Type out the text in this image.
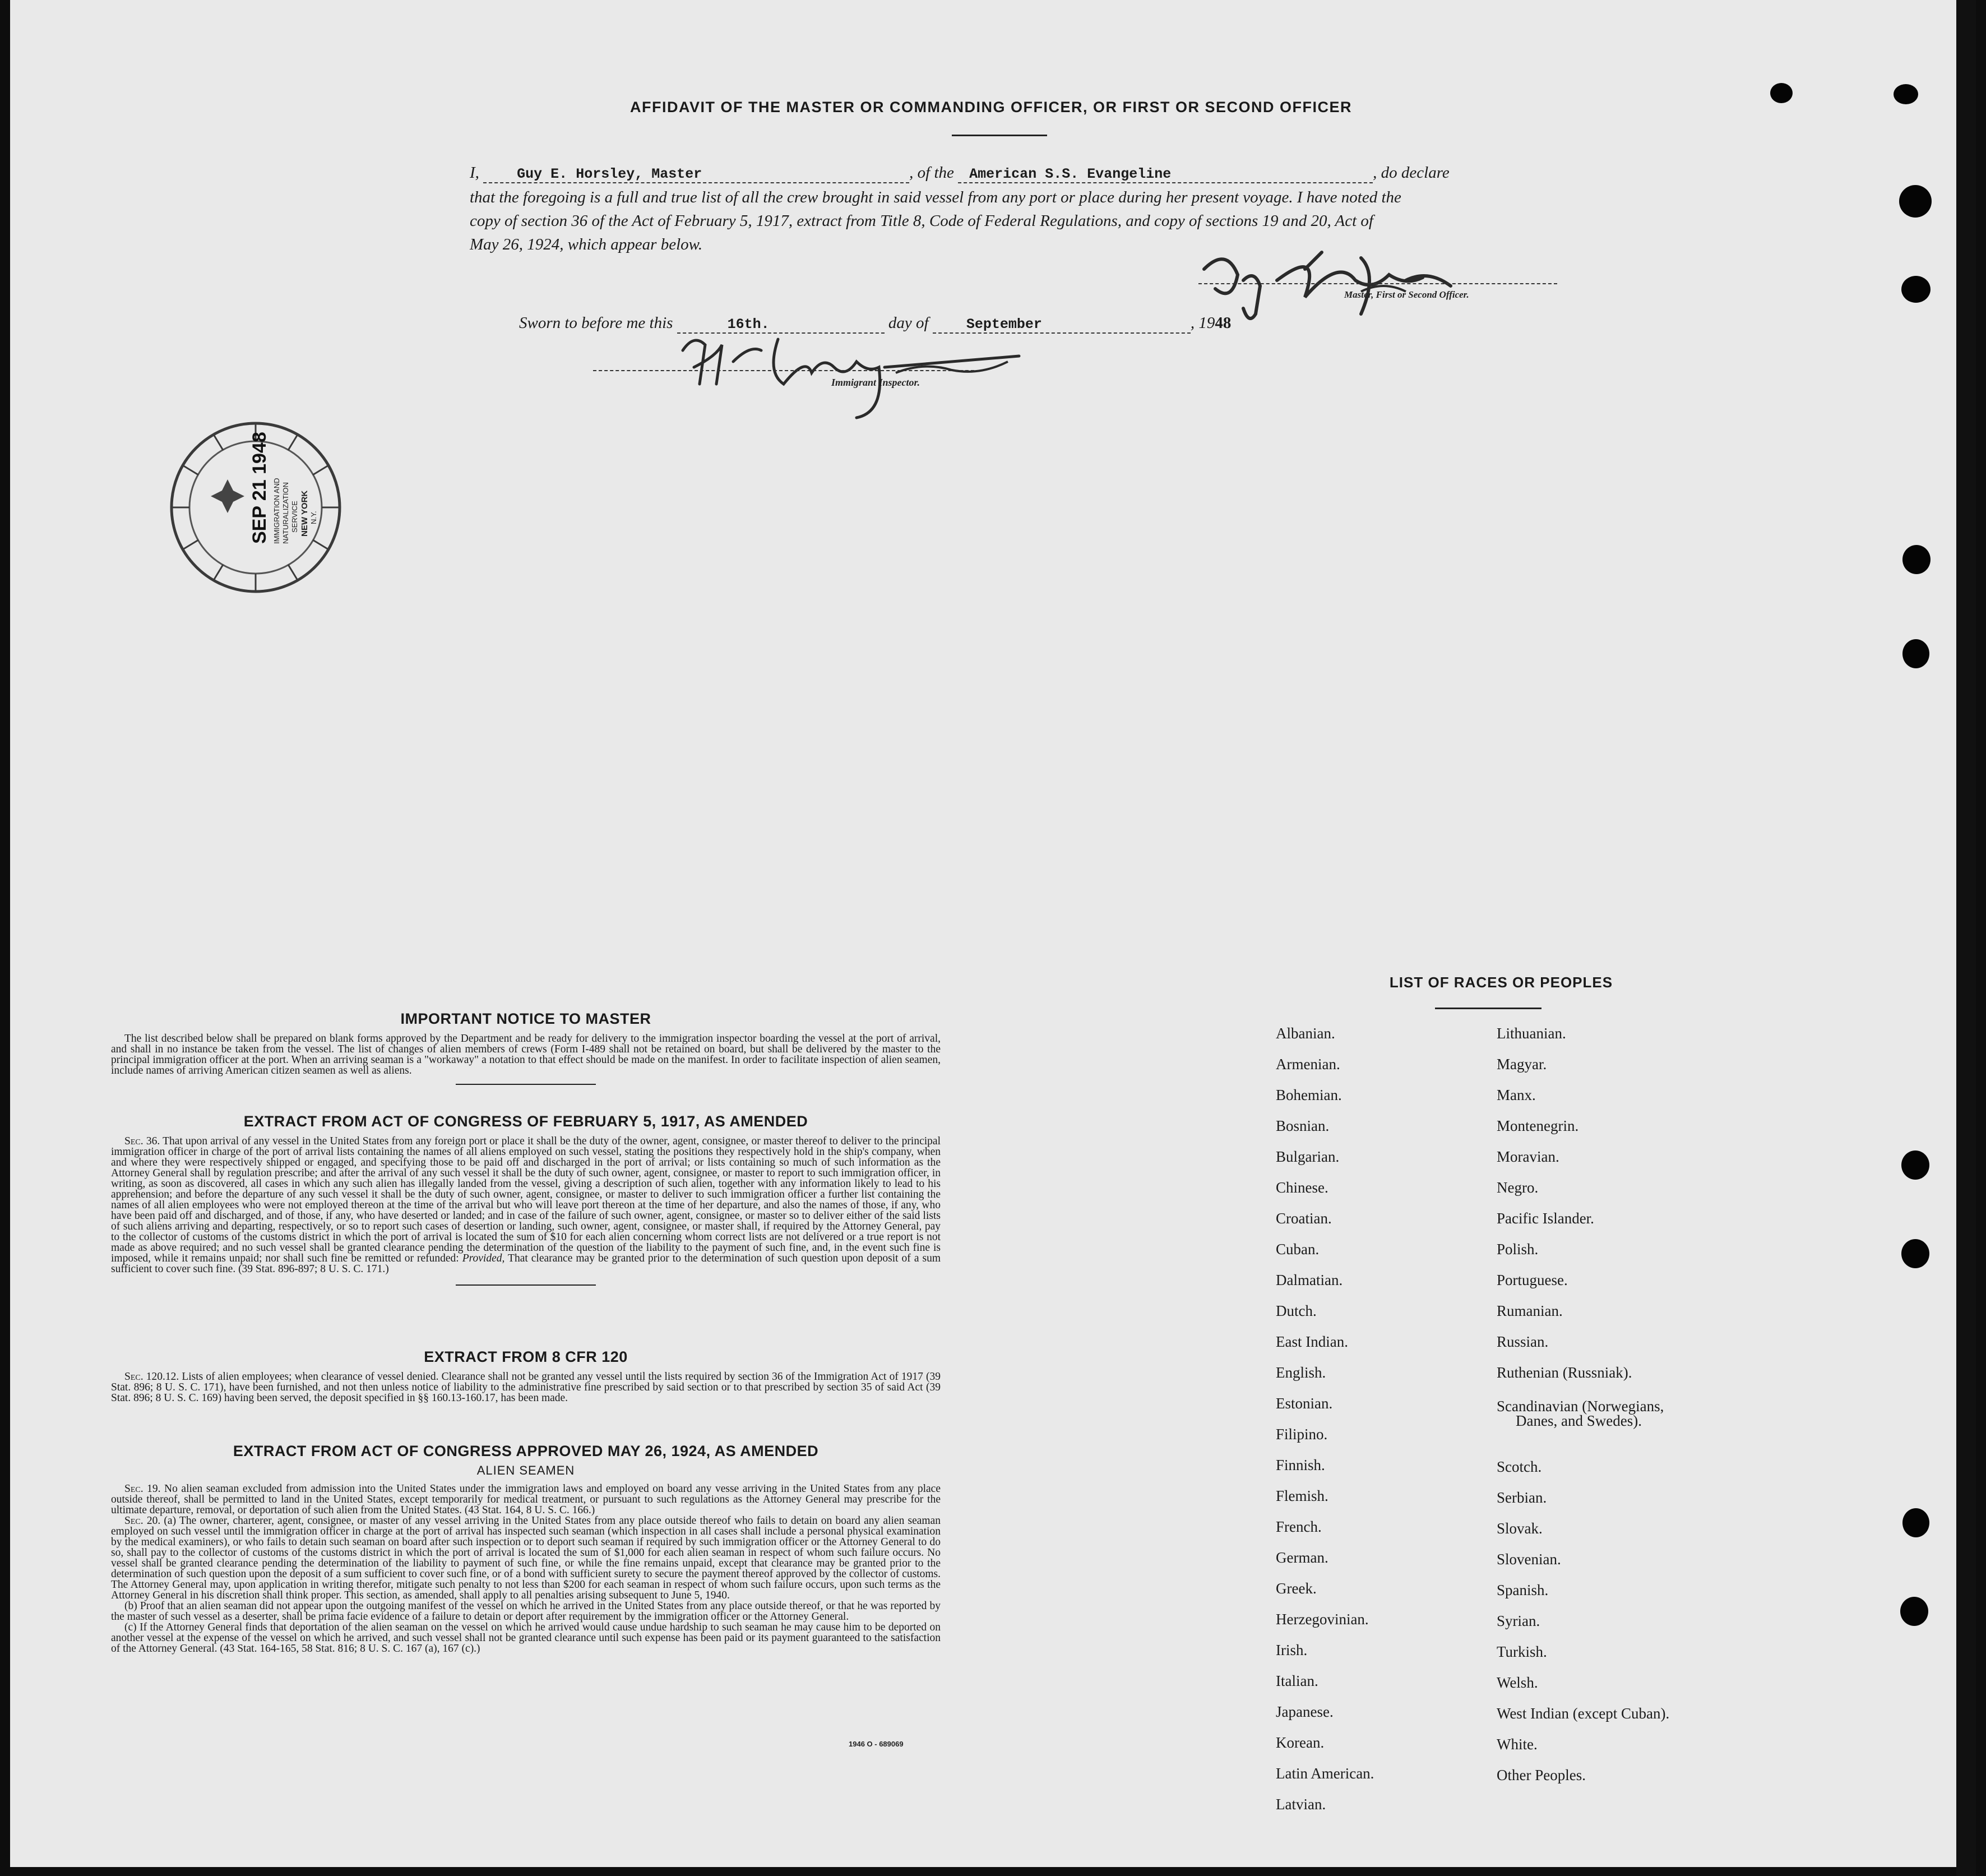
AFFIDAVIT OF THE MASTER OR COMMANDING OFFICER, OR FIRST OR SECOND OFFICER
I,	Guy E. Horsley, Master	, of the American S.S. Evangeline	, do declare
that the foregoing is a full and true list of all the crew brought in said vessel from any port or place during her present voyage. I have noted the
copy of section 36 of the Act of February 5, 1917, extract from Title 8, Code of Federal Regulations, and copy of sections 19 and 20, Act of
May 26, 1924, which appear below.
Master, First or Second Officer.
Sworn to before me this	16th.	day of	September	, 1948
Immigrant Inspector.
SEP 21 1948 IMMIGRATION AND NATURALIZATION SERVICE NEW YORK N.Y.
IMPORTANT NOTICE TO MASTER

The list described below shall be prepared on blank forms approved by the Department and be ready for delivery to the immigration inspector boarding the vessel at the port of arrival, and shall in no instance be taken from the vessel. The list of changes of alien members of crews (Form I-489 shall not be retained on board, but shall be delivered by the master to the principal immigration officer at the port. When an arriving seaman is a "workaway" a notation to that effect should be made on the manifest. In order to facilitate inspection of alien seamen, include names of arriving American citizen seamen as well as aliens.

EXTRACT FROM ACT OF CONGRESS OF FEBRUARY 5, 1917, AS AMENDED

Sec. 36. That upon arrival of any vessel in the United States from any foreign port or place it shall be the duty of the owner, agent, consignee, or master thereof to deliver to the principal immigration officer in charge of the port of arrival lists containing the names of all aliens employed on such vessel, stating the positions they respectively hold in the ship's company, when and where they were respectively shipped or engaged, and specifying those to be paid off and discharged in the port of arrival; or lists containing so much of such information as the Attorney General shall by regulation prescribe; and after the arrival of any such vessel it shall be the duty of such owner, agent, consignee, or master to report to such immigration officer, in writing, as soon as discovered, all cases in which any such alien has illegally landed from the vessel, giving a description of such alien, together with any information likely to lead to his apprehension; and before the departure of any such vessel it shall be the duty of such owner, agent, consignee, or master to deliver to such immigration officer a further list containing the names of all alien employees who were not employed thereon at the time of the arrival but who will leave port thereon at the time of her departure, and also the names of those, if any, who have been paid off and discharged, and of those, if any, who have deserted or landed; and in case of the failure of such owner, agent, consignee, or master so to deliver either of the said lists of such aliens arriving and departing, respectively, or so to report such cases of desertion or landing, such owner, agent, consignee, or master shall, if required by the Attorney General, pay to the collector of customs of the customs district in which the port of arrival is located the sum of $10 for each alien concerning whom correct lists are not delivered or a true report is not made as above required; and no such vessel shall be granted clearance pending the determination of the question of the liability to the payment of such fine, and, in the event such fine is imposed, while it remains unpaid; nor shall such fine be remitted or refunded: Provided, That clearance may be granted prior to the determination of such question upon deposit of a sum sufficient to cover such fine. (39 Stat. 896-897; 8 U. S. C. 171.)

EXTRACT FROM 8 CFR 120

Sec. 120.12. Lists of alien employees; when clearance of vessel denied. Clearance shall not be granted any vessel until the lists required by section 36 of the Immigration Act of 1917 (39 Stat. 896; 8 U. S. C. 171), have been furnished, and not then unless notice of liability to the administrative fine prescribed by said section or to that prescribed by section 35 of said Act (39 Stat. 896; 8 U. S. C. 169) having been served, the deposit specified in §§ 160.13-160.17, has been made.

EXTRACT FROM ACT OF CONGRESS APPROVED MAY 26, 1924, AS AMENDED
ALIEN SEAMEN

Sec. 19. No alien seaman excluded from admission into the United States under the immigration laws and employed on board any vesse arriving in the United States from any place outside thereof, shall be permitted to land in the United States, except temporarily for medical treatment, or pursuant to such regulations as the Attorney General may prescribe for the ultimate departure, removal, or deportation of such alien from the United States. (43 Stat. 164, 8 U. S. C. 166.)

Sec. 20. (a) The owner, charterer, agent, consignee, or master of any vessel arriving in the United States from any place outside thereof who fails to detain on board any alien seaman employed on such vessel until the immigration officer in charge at the port of arrival has inspected such seaman (which inspection in all cases shall include a personal physical examination by the medical examiners), or who fails to detain such seaman on board after such inspection or to deport such seaman if required by such immigration officer or the Attorney General to do so, shall pay to the collector of customs of the customs district in which the port of arrival is located the sum of $1,000 for each alien seaman in respect of whom such failure occurs. No vessel shall be granted clearance pending the determination of the liability to payment of such fine, or while the fine remains unpaid, except that clearance may be granted prior to the determination of such question upon the deposit of a sum sufficient to cover such fine, or of a bond with sufficient surety to secure the payment thereof approved by the collector of customs. The Attorney General may, upon application in writing therefor, mitigate such penalty to not less than $200 for each seaman in respect of whom such failure occurs, upon such terms as the Attorney General in his discretion shall think proper. This section, as amended, shall apply to all penalties arising subsequent to June 5, 1940.

(b) Proof that an alien seaman did not appear upon the outgoing manifest of the vessel on which he arrived in the United States from any place outside thereof, or that he was reported by the master of such vessel as a deserter, shall be prima facie evidence of a failure to detain or deport after requirement by the immigration officer or the Attorney General.

(c) If the Attorney General finds that deportation of the alien seaman on the vessel on which he arrived would cause undue hardship to such seaman he may cause him to be deported on another vessel at the expense of the vessel on which he arrived, and such vessel shall not be granted clearance until such expense has been paid or its payment guaranteed to the satisfaction of the Attorney General. (43 Stat. 164-165, 58 Stat. 816; 8 U. S. C. 167 (a), 167 (c).)

1946 O - 689069
LIST OF RACES OR PEOPLES
Albanian.
Armenian.
Bohemian.
Bosnian.
Bulgarian.
Chinese.
Croatian.
Cuban.
Dalmatian.
Dutch.
East Indian.
English.
Estonian.
Filipino.
Finnish.
Flemish.
French.
German.
Greek.
Herzegovinian.
Irish.
Italian.
Japanese.
Korean.
Latin American.
Latvian.
Lithuanian.
Magyar.
Manx.
Montenegrin.
Moravian.
Negro.
Pacific Islander.
Polish.
Portuguese.
Rumanian.
Russian.
Ruthenian (Russniak).
Scandinavian (Norwegians,
Danes, and Swedes).
Scotch.
Serbian.
Slovak.
Slovenian.
Spanish.
Syrian.
Turkish.
Welsh.
West Indian (except Cuban).
White.
Other Peoples.
